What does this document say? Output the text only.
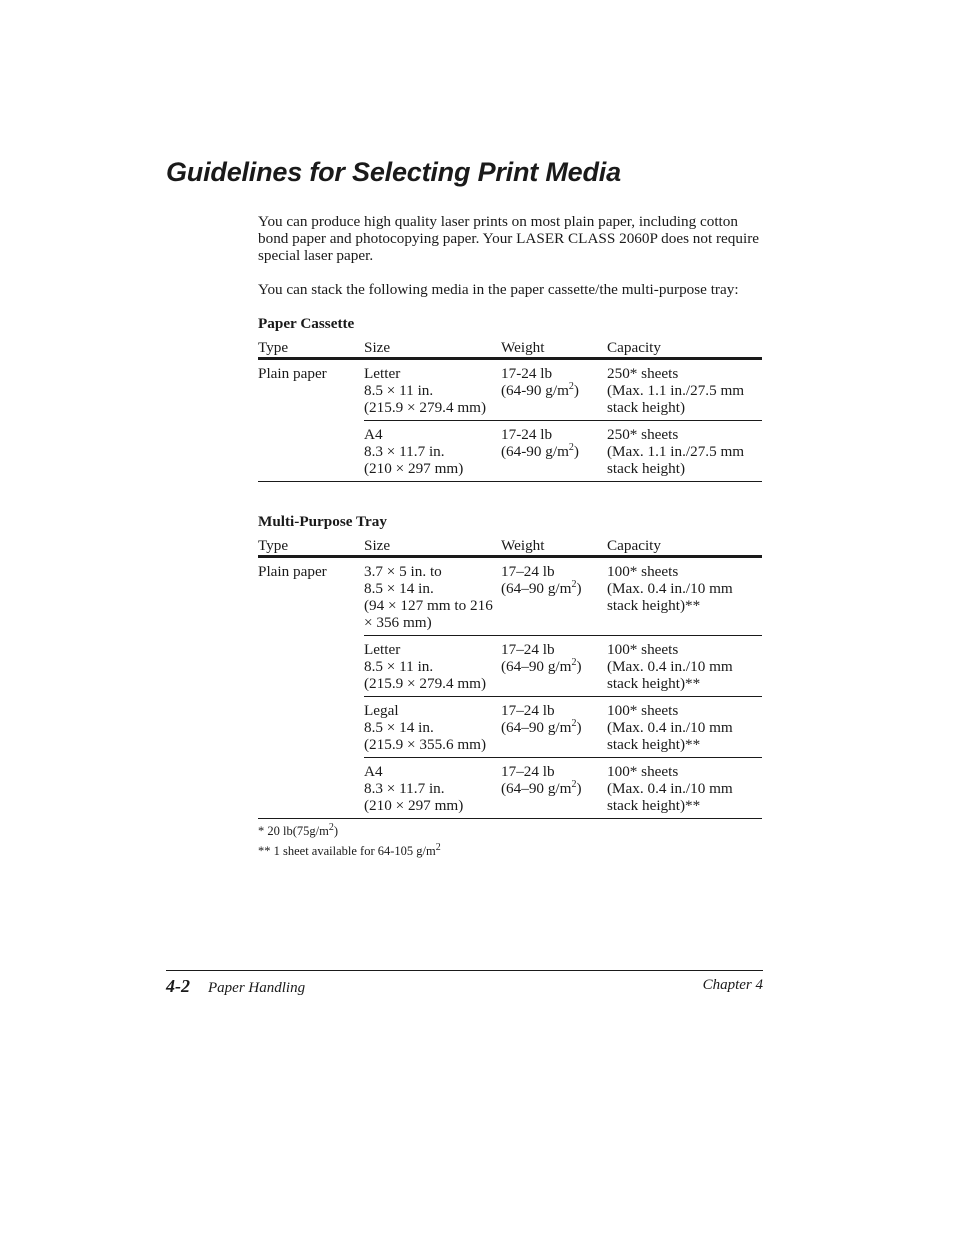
Guidelines for Selecting Print Media

You can produce high quality laser prints on most plain paper, including cotton bond paper and photocopying paper. Your LASER CLASS 2060P does not require special laser paper.

You can stack the following media in the paper cassette/the multi-purpose tray:

Paper Cassette
Type	Size	Weight	Capacity
Plain paper	Letter
8.5 × 11 in.
(215.9 × 279.4 mm)	17-24 lb
(64-90 $g/m^2$)	250* sheets
(Max. 1.1 in./27.5 mm
stack height)

	A4
8.3 × 11.7 in.
(210 × 297 mm)	17-24 lb
(64-90 $g/m^2$)	250* sheets
(Max. 1.1 in./27.5 mm
stack height)
Multi-Purpose Tray
Type	Size	Weight	Capacity
Plain paper	3.7 × 5 in. to
8.5 × 14 in.
(94 × 127 mm to 216
× 356 mm)	17–24 lb
(64–90 $g/m^2$)	100* sheets
(Max. 0.4 in./10 mm
stack height)**

	Letter
8.5 × 11 in.
(215.9 × 279.4 mm)	17–24 lb
(64–90 $g/m^2$)	100* sheets
(Max. 0.4 in./10 mm
stack height)**

	Legal
8.5 × 14 in.
(215.9 × 355.6 mm)	17–24 lb
(64–90 $g/m^2$)	100* sheets
(Max. 0.4 in./10 mm
stack height)**

	A4
8.3 × 11.7 in.
(210 × 297 mm)	17–24 lb
(64–90 $g/m^2$)	100* sheets
(Max. 0.4 in./10 mm
stack height)**
* 20 $lb(75g/m^2)$
** 1 sheet available for 64-105 $g/m^2$
4-2 Paper Handling	Chapter 4
